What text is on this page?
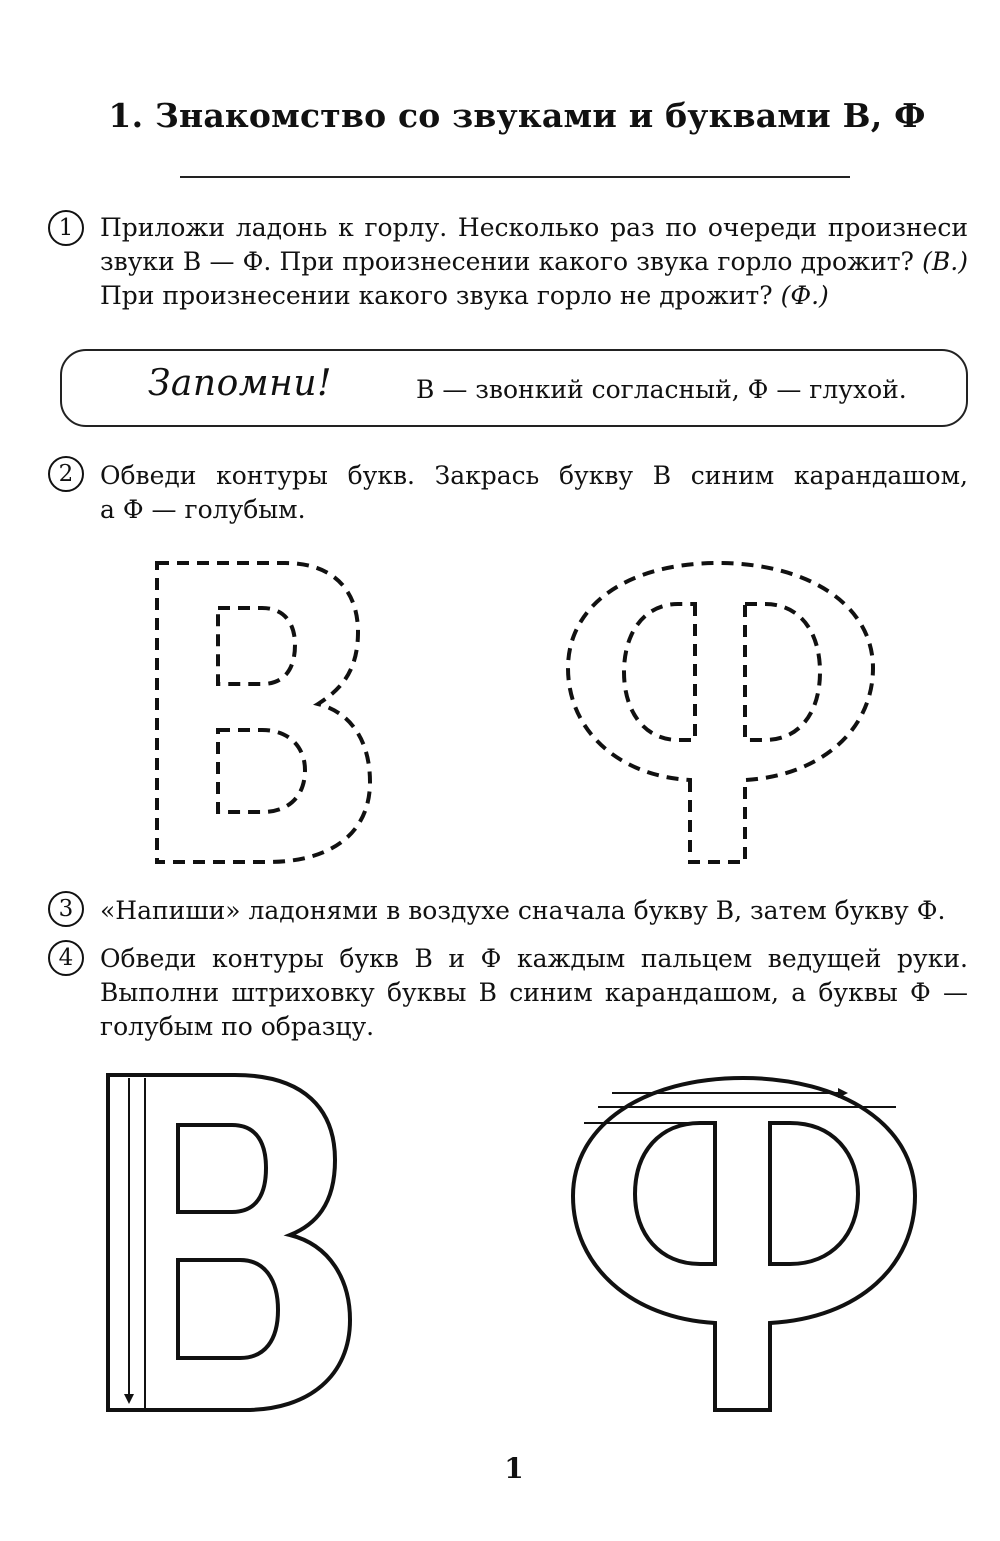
1. Знакомство со звуками и буквами В, Ф
1	Приложи ладонь к горлу. Несколько раз по очереди произнеси
звуки В — Ф. При произнесении какого звука горло дрожит? (В.)
При произнесении какого звука горло не дрожит? (Ф.)
Запомни!	В — звонкий согласный, Ф — глухой.
2	Обведи контуры букв. Закрась букву В синим карандашом,
а Ф — голубым.
3	«Напиши» ладонями в воздухе сначала букву В, затем букву Ф.
4	Обведи контуры букв В и Ф каждым пальцем ведущей руки.
Выполни штриховку буквы В синим карандашом, а буквы Ф —
голубым по образцу.
1
